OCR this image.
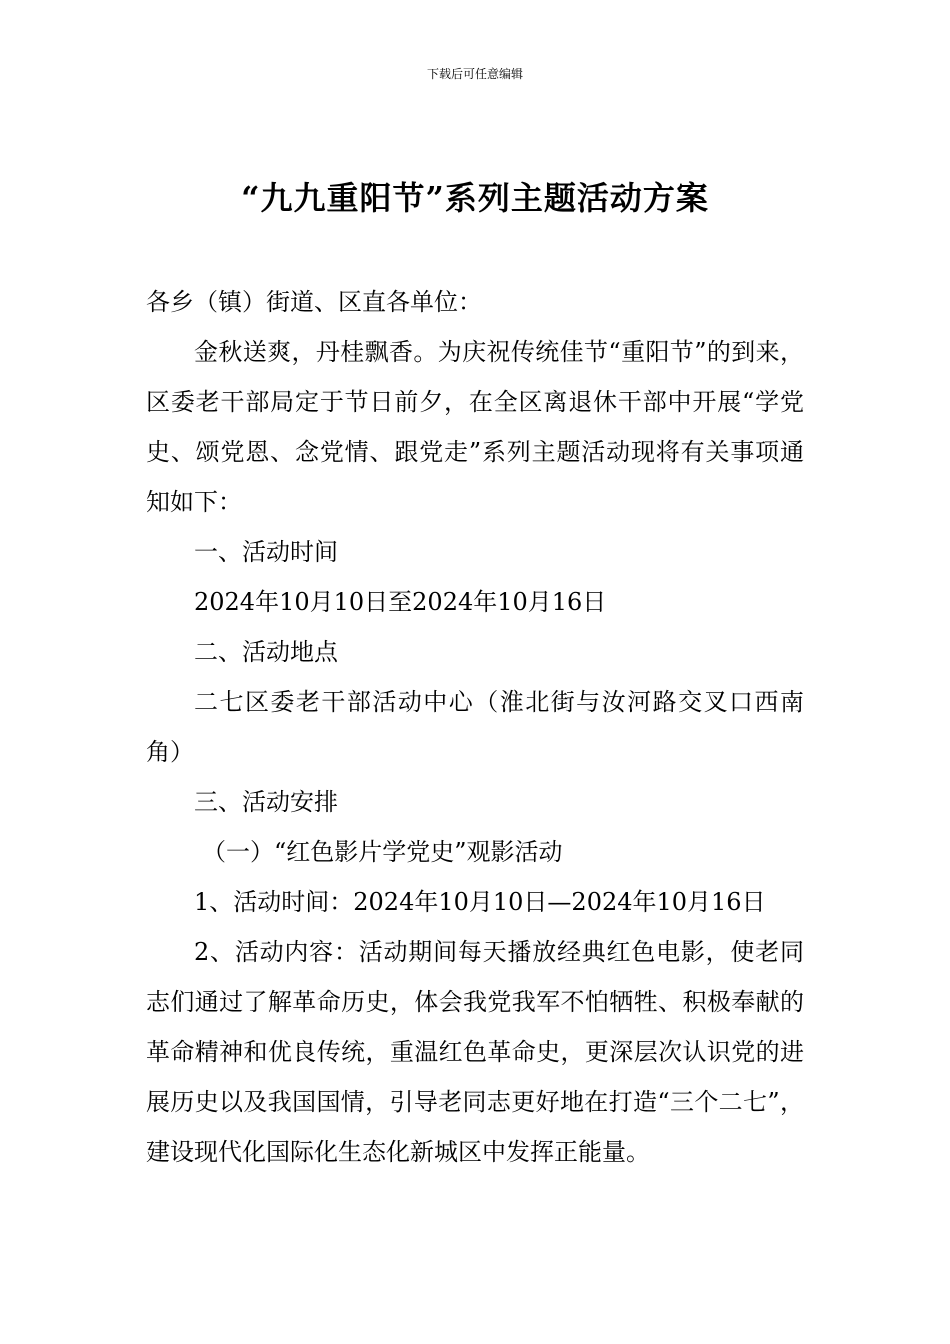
下载后可任意编辑
“九九重阳节”系列主题活动方案

各乡（镇）街道、区直各单位：

金秋送爽，丹桂飘香。为庆祝传统佳节“重阳节”的到来，区委老干部局定于节日前夕，在全区离退休干部中开展“学党史、颂党恩、念党情、跟党走”系列主题活动现将有关事项通知如下：

一、活动时间

2024年10月10日至2024年10月16日

二、活动地点

二七区委老干部活动中心（淮北街与汝河路交叉口西南角）

三、活动安排

（一）“红色影片学党史”观影活动

1、活动时间：2024年10月10日—2024年10月16日

2、活动内容：活动期间每天播放经典红色电影，使老同志们通过了解革命历史，体会我党我军不怕牺牲、积极奉献的革命精神和优良传统，重温红色革命史，更深层次认识党的进展历史以及我国国情，引导老同志更好地在打造“三个二七”，建设现代化国际化生态化新城区中发挥正能量。
